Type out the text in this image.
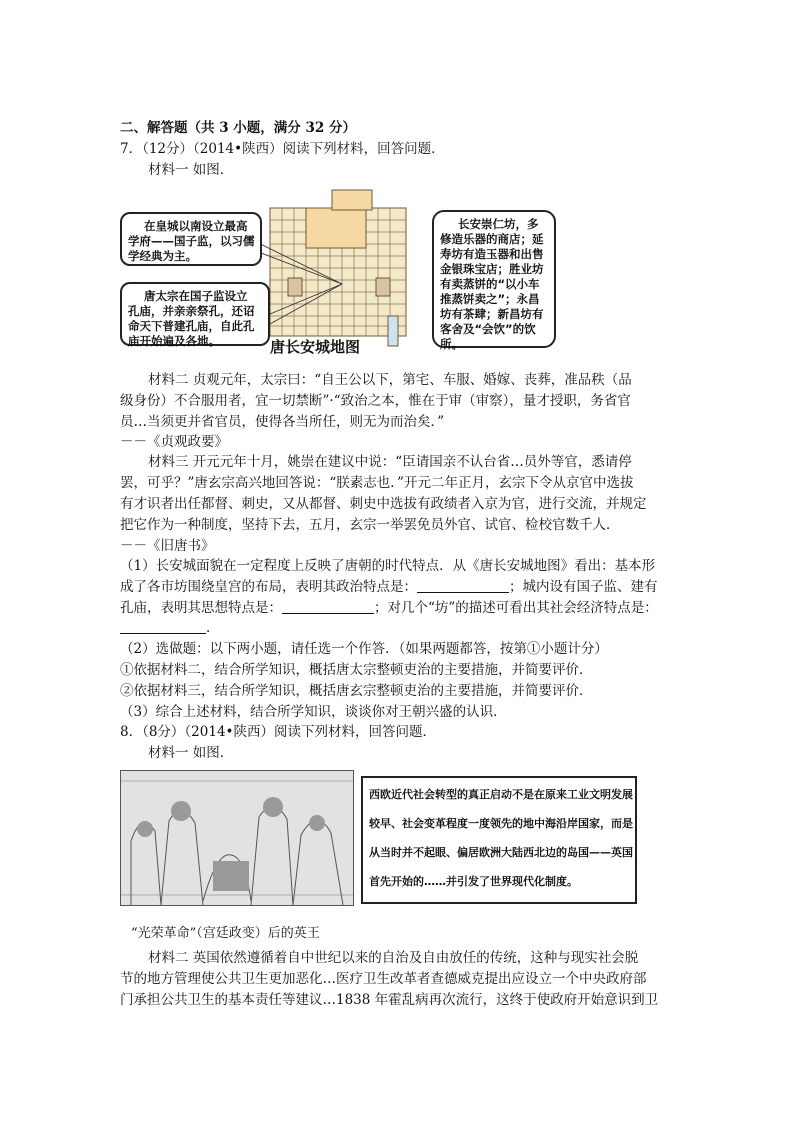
二、解答题（共 3 小题，满分 32 分）
7．（12分）（2014•陕西）阅读下列材料，回答问题．
材料一 如图．
在皇城以南设立最高
学府——国子监，以习儒
学经典为主。
唐太宗在国子监设立
孔庙，并亲亲祭孔，还诏
命天下普建孔庙，自此孔
庙开始遍及各地。
长安崇仁坊，多
修造乐器的商店；延
寿坊有造玉器和出售
金银珠宝店；胜业坊
有卖蒸饼的“以小车
推蒸饼卖之”；永昌
坊有茶肆；新昌坊有
客舍及“会饮”的饮
所。
唐长安城地图
材料二 贞观元年，太宗曰：“自王公以下，第宅、车服、婚嫁、丧葬，准品秩（品
级身份）不合服用者，宜一切禁断”·“致治之本，惟在于审（审察），量才授职，务省官
员…当须更并省官员，使得各当所任，则无为而治矣．”
－－《贞观政要》
材料三 开元元年十月，姚崇在建议中说：“臣请国亲不认台省…员外等官，悉请停
罢，可乎？”唐玄宗高兴地回答说：“朕素志也．”开元二年正月，玄宗下令从京官中选拔
有才识者出任都督、刺史，又从都督、刺史中选拔有政绩者入京为官，进行交流，并规定
把它作为一种制度，坚持下去，五月，玄宗一举罢免员外官、试官、检校官数千人．
－－《旧唐书》
（1）长安城面貌在一定程度上反映了唐朝的时代特点．从《唐长安城地图》看出：基本形
成了各市坊围绕皇宫的布局，表明其政治特点是：	；城内设有国子监、建有
孔庙，表明其思想特点是：	；对几个“坊”的描述可看出其社会经济特点是：
．
（2）选做题：以下两小题，请任选一个作答．（如果两题都答，按第①小题计分）
①依据材料二，结合所学知识，概括唐太宗整顿吏治的主要措施，并简要评价．
②依据材料三，结合所学知识，概括唐玄宗整顿吏治的主要措施，并简要评价．
（3）综合上述材料，结合所学知识，谈谈你对王朝兴盛的认识．
8．（8分）（2014•陕西）阅读下列材料，回答问题．
材料一 如图．
西欧近代社会转型的真正启动不是在原来工业文明发展
较早、社会变革程度一度领先的地中海沿岸国家，而是
从当时并不起眼、偏居欧洲大陆西北边的岛国——英国
首先开始的……并引发了世界现代化制度。
“光荣革命”（宫廷政变）后的英王
材料二 英国依然遵循着自中世纪以来的自治及自由放任的传统，这种与现实社会脱
节的地方管理使公共卫生更加恶化…医疗卫生改革者查德威克提出应设立一个中央政府部
门承担公共卫生的基本责任等建议…1838 年霍乱病再次流行，这终于使政府开始意识到卫
